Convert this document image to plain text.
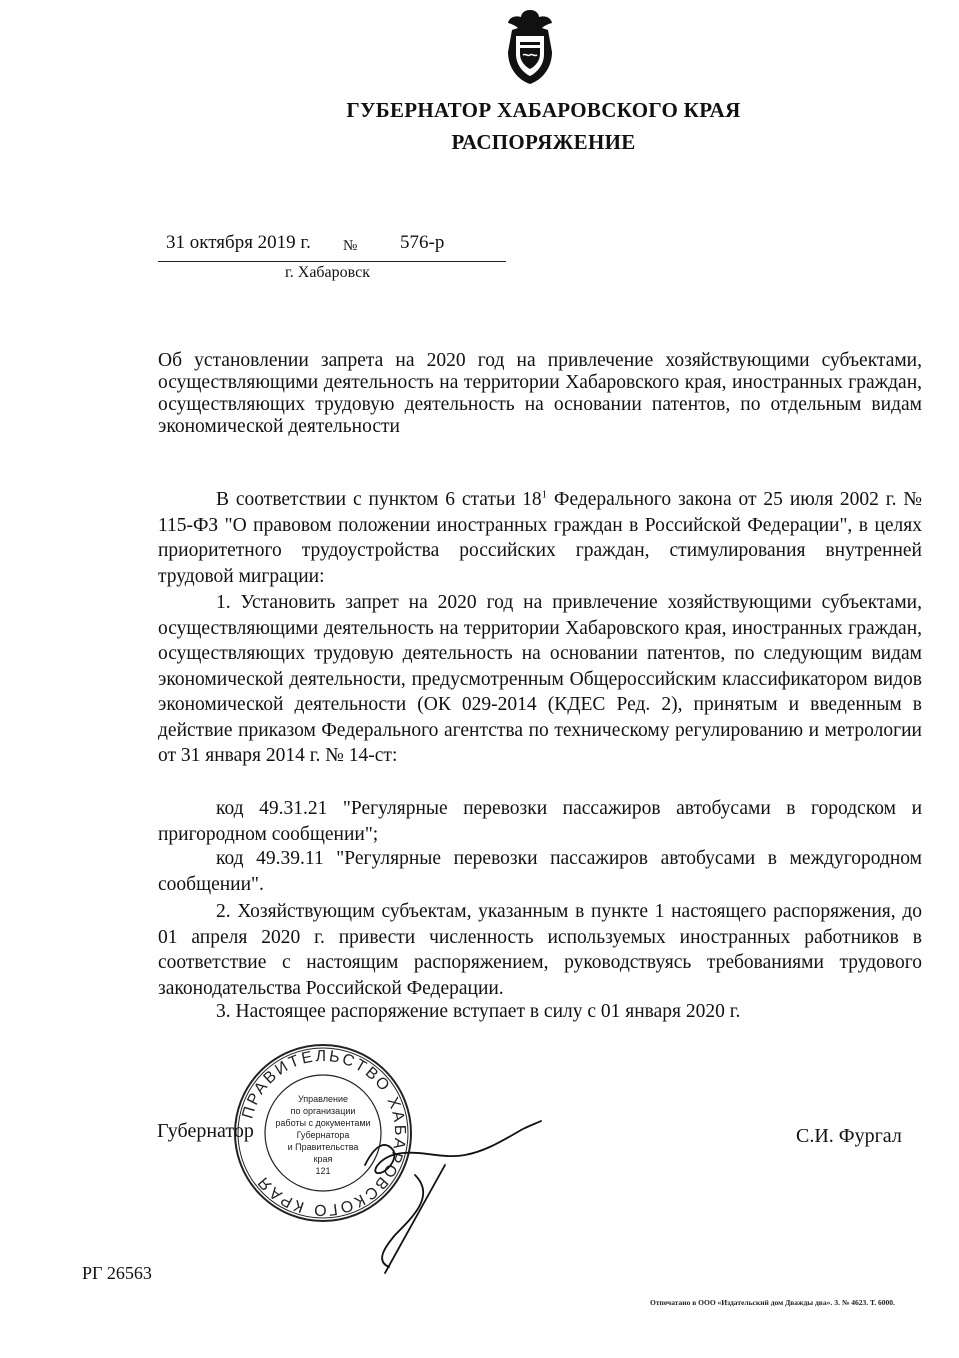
ГУБЕРНАТОР ХАБАРОВСКОГО КРАЯ
РАСПОРЯЖЕНИЕ
31 октября 2019 г. № 576-р
г. Хабаровск
Об установлении запрета на 2020 год на привлечение хозяйствующими субъектами, осуществляющими деятельность на территории Хабаровского края, иностранных граждан, осуществляющих трудовую деятельность на основании патентов, по отдельным видам экономической деятельности
В соответствии с пунктом 6 статьи $18^1$ Федерального закона от 25 июля 2002 г. № 115-ФЗ "О правовом положении иностранных граждан в Российской Федерации", в целях приоритетного трудоустройства российских граждан, стимулирования внутренней трудовой миграции:
1. Установить запрет на 2020 год на привлечение хозяйствующими субъектами, осуществляющими деятельность на территории Хабаровского края, иностранных граждан, осуществляющих трудовую деятельность на основании патентов, по следующим видам экономической деятельности, предусмотренным Общероссийским классификатором видов экономической деятельности (ОК 029-2014 (КДЕС Ред. 2), принятым и введенным в действие приказом Федерального агентства по техническому регулированию и метрологии от 31 января 2014 г. № 14-ст:
код 49.31.21 "Регулярные перевозки пассажиров автобусами в городском и пригородном сообщении";
код 49.39.11 "Регулярные перевозки пассажиров автобусами в междугородном сообщении".
2. Хозяйствующим субъектам, указанным в пункте 1 настоящего распоряжения, до 01 апреля 2020 г. привести численность используемых иностранных работников в соответствие с настоящим распоряжением, руководствуясь требованиями трудового законодательства Российской Федерации.
3. Настоящее распоряжение вступает в силу с 01 января 2020 г.
ПРАВИТЕЛЬСТВО ХАБАРОВСКОГО КРАЯ
Управление
по организации
работы с документами
Губернатора
и Правительства
края
121
Губернатор	С.И. Фургал
РГ 26563
Отпечатано в ООО «Издательский дом Дважды два». З. № 4623. Т. 6000.
